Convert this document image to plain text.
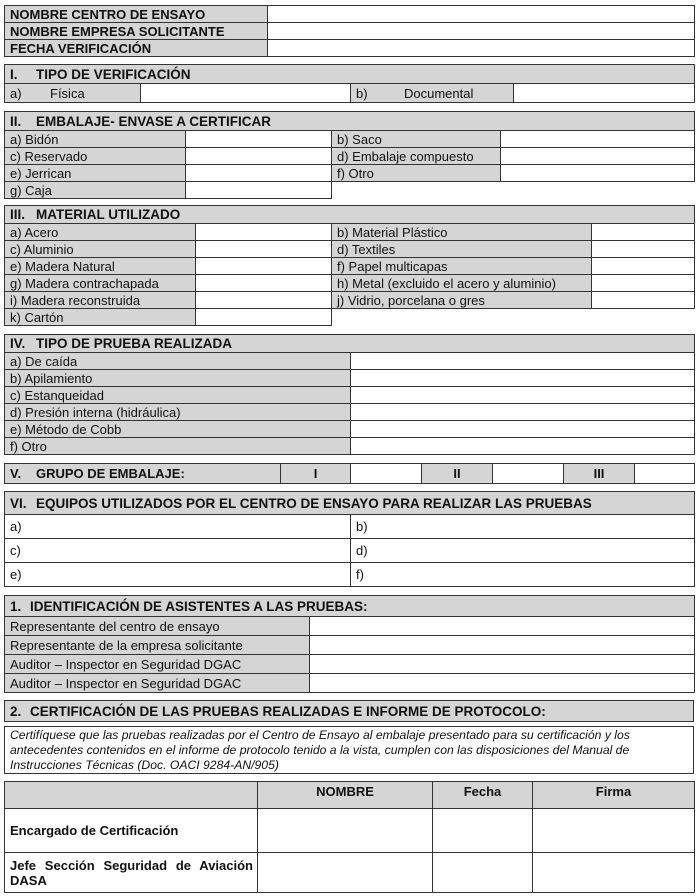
NOMBRE CENTRO DE ENSAYO	
NOMBRE EMPRESA SOLICITANTE	
FECHA VERIFICACIÓN	
I. TIPO DE VERIFICACIÓN
a) Física		b)	Documental	
II. EMBALAJE- ENVASE A CERTIFICAR			
a) Bidón		b) Saco	
c) Reservado		d) Embalaje compuesto	
e) Jerrican		f) Otro	
g) Caja			
III. MATERIAL UTILIZADO			
a) Acero		b) Material Plástico	
c) Aluminio		d) Textiles	
e) Madera Natural		f) Papel multicapas	
g) Madera contrachapada		h) Metal (excluido el acero y aluminio)	
i) Madera reconstruida		j) Vidrio, porcelana o gres	
k) Cartón			
IV. TIPO DE PRUEBA REALIZADA	
a) De caída	
b) Apilamiento	
c) Estanqueidad	
d) Presión interna (hidráulica)	
e) Método de Cobb	
f) Otro	
V. GRUPO DE EMBALAJE:	I		II		III	
VI. EQUIPOS UTILIZADOS POR EL CENTRO DE ENSAYO PARA REALIZAR LAS PRUEBAS	
a)	b)
c)	d)
e)	f)
1. IDENTIFICACIÓN DE ASISTENTES A LAS PRUEBAS:	
Representante del centro de ensayo	
Representante de la empresa solicitante	
Auditor – Inspector en Seguridad DGAC	
Auditor – Inspector en Seguridad DGAC	
2. CERTIFICACIÓN DE LAS PRUEBAS REALIZADAS E INFORME DE PROTOCOLO:
Certifíquese que las pruebas realizadas por el Centro de Ensayo al embalaje presentado para su certificación y los antecedentes contenidos en el informe de protocolo tenido a la vista, cumplen con las disposiciones del Manual de Instrucciones Técnicas (Doc. OACI 9284-AN/905)
	NOMBRE	Fecha	Firma
Encargado de Certificación			
Jefe Sección Seguridad de Aviación DASA			
